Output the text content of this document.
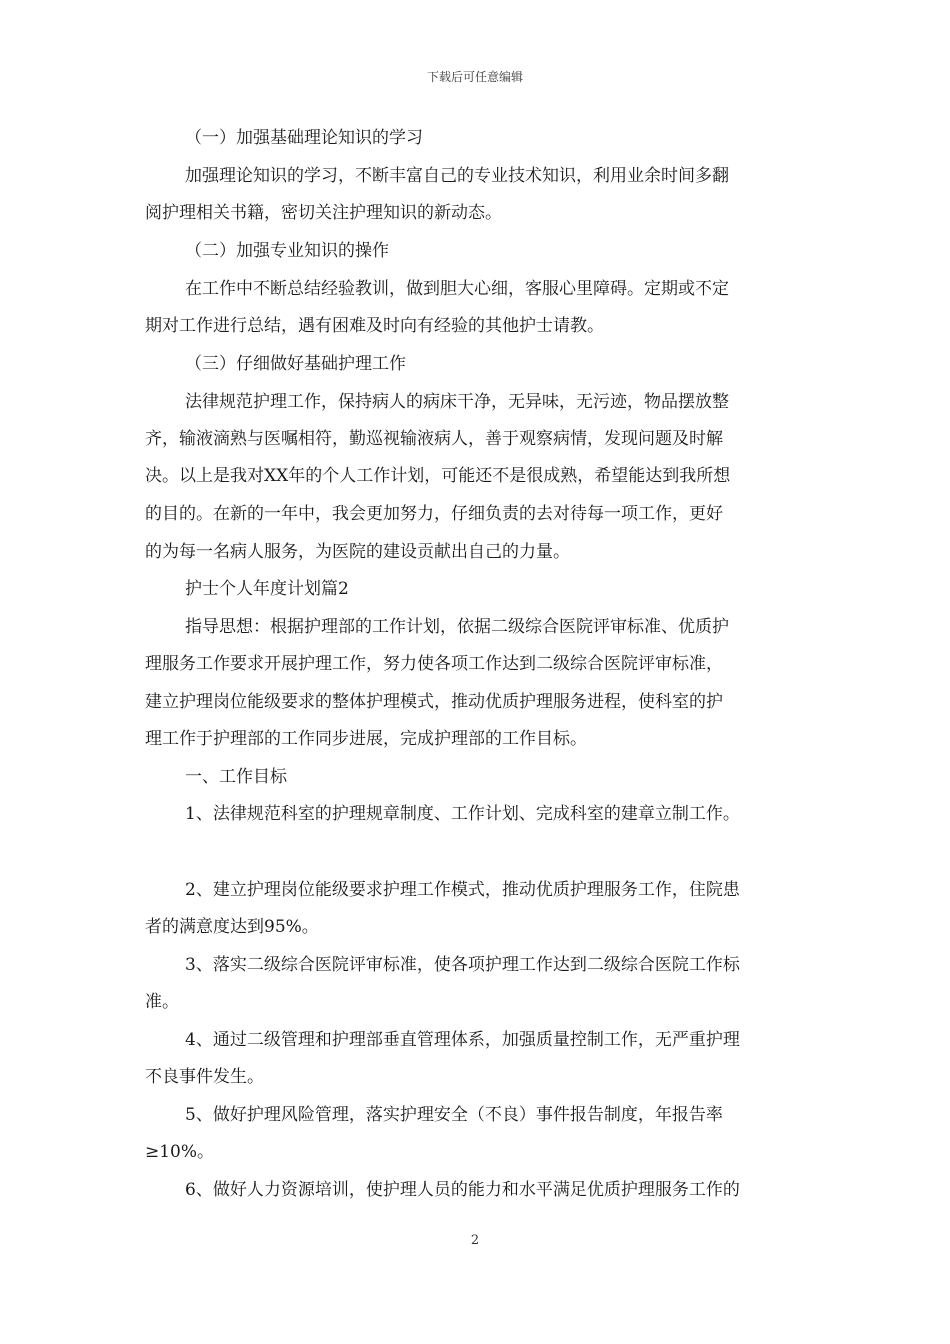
下载后可任意编辑
（一）加强基础理论知识的学习
加强理论知识的学习，不断丰富自己的专业技术知识，利用业余时间多翻
阅护理相关书籍，密切关注护理知识的新动态。
（二）加强专业知识的操作
在工作中不断总结经验教训，做到胆大心细，客服心里障碍。定期或不定
期对工作进行总结，遇有困难及时向有经验的其他护士请教。
（三）仔细做好基础护理工作
法律规范护理工作，保持病人的病床干净，无异味，无污迹，物品摆放整
齐，输液滴熟与医嘱相符，勤巡视输液病人，善于观察病情，发现问题及时解
决。以上是我对XX年的个人工作计划，可能还不是很成熟，希望能达到我所想
的目的。在新的一年中，我会更加努力，仔细负责的去对待每一项工作，更好
的为每一名病人服务，为医院的建设贡献出自己的力量。
护士个人年度计划篇2
指导思想：根据护理部的工作计划，依据二级综合医院评审标准、优质护
理服务工作要求开展护理工作，努力使各项工作达到二级综合医院评审标准，
建立护理岗位能级要求的整体护理模式，推动优质护理服务进程，使科室的护
理工作于护理部的工作同步进展，完成护理部的工作目标。
一、工作目标
1、法律规范科室的护理规章制度、工作计划、完成科室的建章立制工作。
2、建立护理岗位能级要求护理工作模式，推动优质护理服务工作，住院患
者的满意度达到95%。
3、落实二级综合医院评审标准，使各项护理工作达到二级综合医院工作标
准。
4、通过二级管理和护理部垂直管理体系，加强质量控制工作，无严重护理
不良事件发生。
5、做好护理风险管理，落实护理安全（不良）事件报告制度，年报告率
≥10%。
6、做好人力资源培训，使护理人员的能力和水平满足优质护理服务工作的
2
